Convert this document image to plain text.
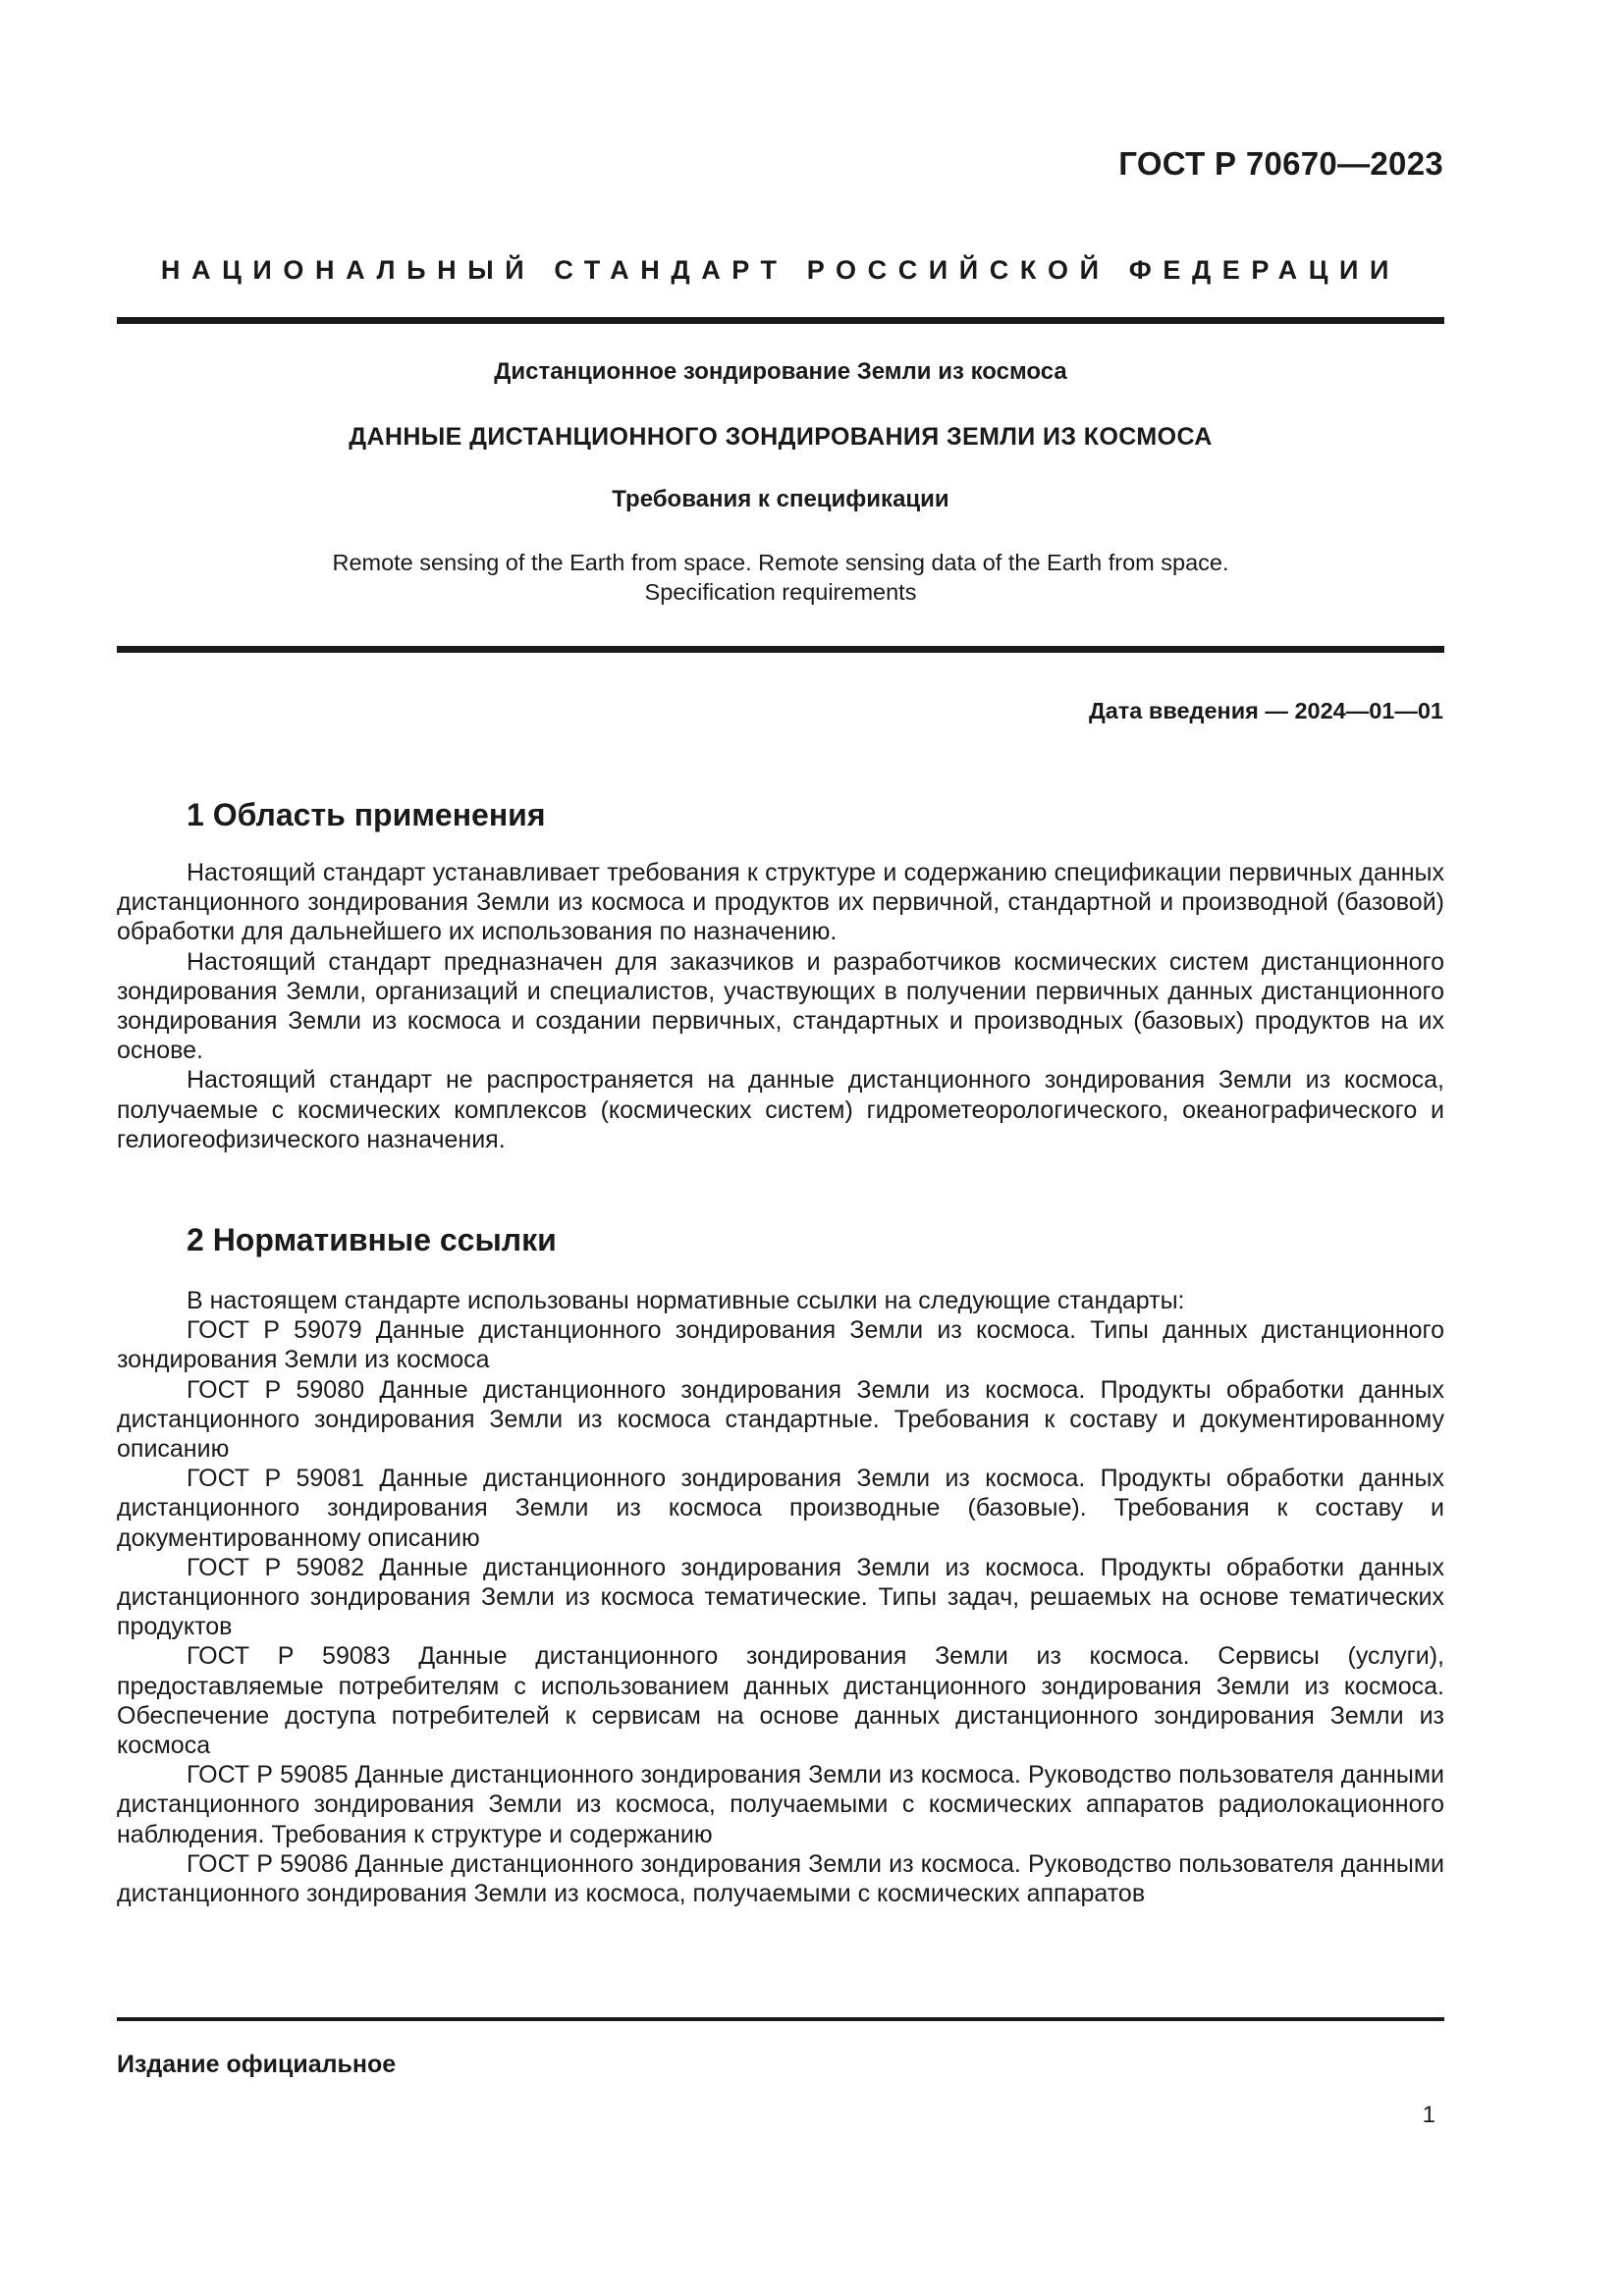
ГОСТ Р 70670—2023
НАЦИОНАЛЬНЫЙ СТАНДАРТ РОССИЙСКОЙ ФЕДЕРАЦИИ
Дистанционное зондирование Земли из космоса
ДАННЫЕ ДИСТАНЦИОННОГО ЗОНДИРОВАНИЯ ЗЕМЛИ ИЗ КОСМОСА
Требования к спецификации
Remote sensing of the Earth from space. Remote sensing data of the Earth from space.
Specification requirements
Дата введения — 2024—01—01
1 Область применения

Настоящий стандарт устанавливает требования к структуре и содержанию спецификации первичных данных дистанционного зондирования Земли из космоса и продуктов их первичной, стандартной и производной (базовой) обработки для дальнейшего их использования по назначению.

Настоящий стандарт предназначен для заказчиков и разработчиков космических систем дистанционного зондирования Земли, организаций и специалистов, участвующих в получении первичных данных дистанционного зондирования Земли из космоса и создании первичных, стандартных и производных (базовых) продуктов на их основе.

Настоящий стандарт не распространяется на данные дистанционного зондирования Земли из космоса, получаемые с космических комплексов (космических систем) гидрометеорологического, океанографического и гелиогеофизического назначения.

2 Нормативные ссылки

В настоящем стандарте использованы нормативные ссылки на следующие стандарты:

ГОСТ Р 59079 Данные дистанционного зондирования Земли из космоса. Типы данных дистанционного зондирования Земли из космоса

ГОСТ Р 59080 Данные дистанционного зондирования Земли из космоса. Продукты обработки данных дистанционного зондирования Земли из космоса стандартные. Требования к составу и документированному описанию

ГОСТ Р 59081 Данные дистанционного зондирования Земли из космоса. Продукты обработки данных дистанционного зондирования Земли из космоса производные (базовые). Требования к составу и документированному описанию

ГОСТ Р 59082 Данные дистанционного зондирования Земли из космоса. Продукты обработки данных дистанционного зондирования Земли из космоса тематические. Типы задач, решаемых на основе тематических продуктов

ГОСТ Р 59083 Данные дистанционного зондирования Земли из космоса. Сервисы (услуги), предоставляемые потребителям с использованием данных дистанционного зондирования Земли из космоса. Обеспечение доступа потребителей к сервисам на основе данных дистанционного зондирования Земли из космоса

ГОСТ Р 59085 Данные дистанционного зондирования Земли из космоса. Руководство пользователя данными дистанционного зондирования Земли из космоса, получаемыми с космических аппаратов радиолокационного наблюдения. Требования к структуре и содержанию

ГОСТ Р 59086 Данные дистанционного зондирования Земли из космоса. Руководство пользователя данными дистанционного зондирования Земли из космоса, получаемыми с космических аппаратов

Издание официальное
1
